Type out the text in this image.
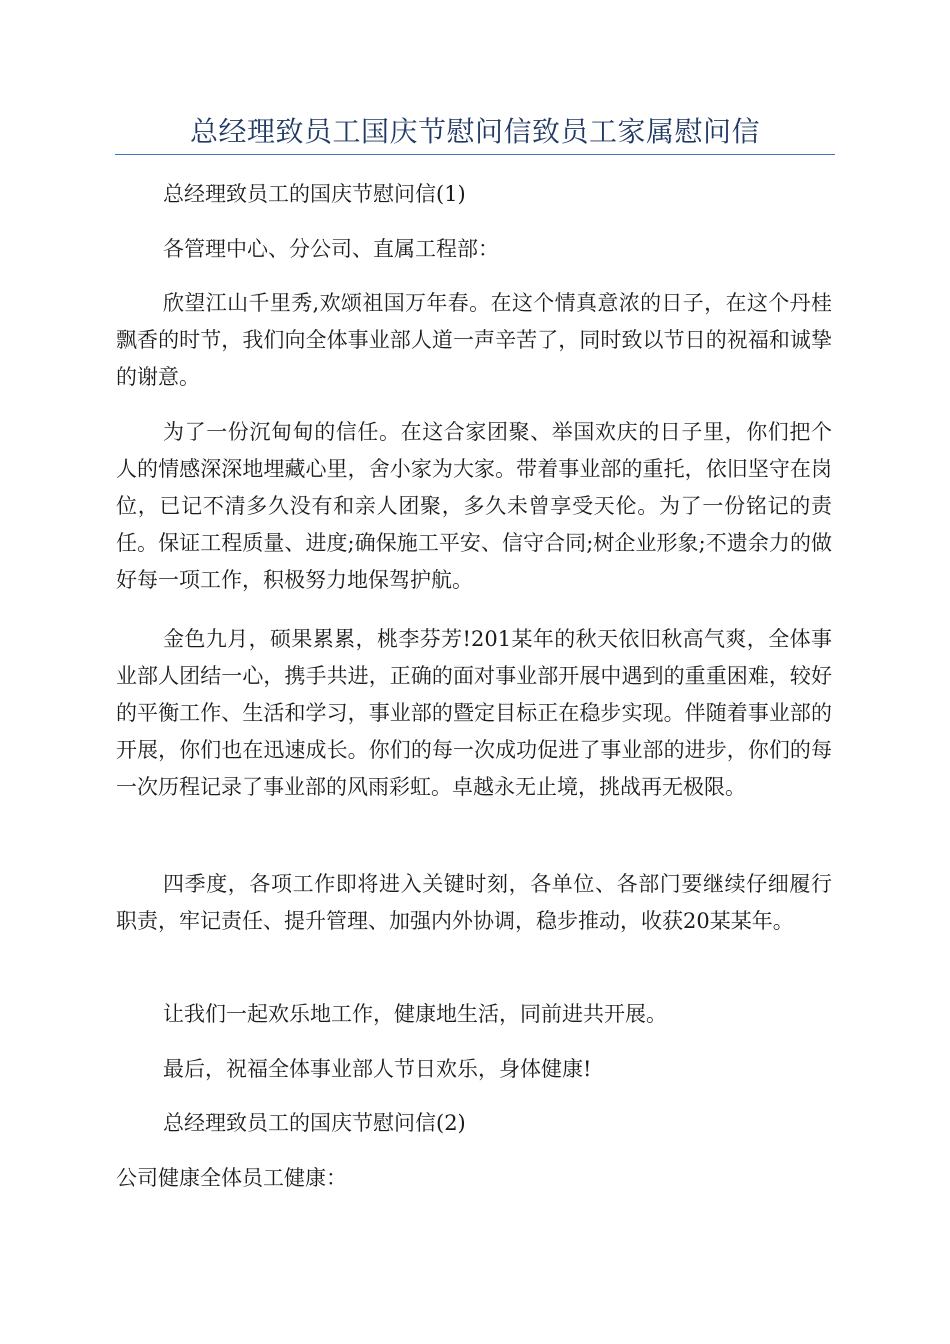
总经理致员工国庆节慰问信致员工家属慰问信

总经理致员工的国庆节慰问信(1)

各管理中心、分公司、直属工程部：

欣望江山千里秀,欢颂祖国万年春。在这个情真意浓的日子，在这个丹桂飘香的时节，我们向全体事业部人道一声辛苦了，同时致以节日的祝福和诚挚的谢意。

为了一份沉甸甸的信任。在这合家团聚、举国欢庆的日子里，你们把个人的情感深深地埋藏心里，舍小家为大家。带着事业部的重托，依旧坚守在岗位，已记不清多久没有和亲人团聚，多久未曾享受天伦。为了一份铭记的责任。保证工程质量、进度;确保施工平安、信守合同;树企业形象;不遗余力的做好每一项工作，积极努力地保驾护航。

金色九月，硕果累累，桃李芬芳!201某年的秋天依旧秋高气爽，全体事业部人团结一心，携手共进，正确的面对事业部开展中遇到的重重困难，较好的平衡工作、生活和学习，事业部的暨定目标正在稳步实现。伴随着事业部的开展，你们也在迅速成长。你们的每一次成功促进了事业部的进步，你们的每一次历程记录了事业部的风雨彩虹。卓越永无止境，挑战再无极限。

四季度，各项工作即将进入关键时刻，各单位、各部门要继续仔细履行职责，牢记责任、提升管理、加强内外协调，稳步推动，收获20某某年。

让我们一起欢乐地工作，健康地生活，同前进共开展。

最后，祝福全体事业部人节日欢乐，身体健康!

总经理致员工的国庆节慰问信(2)

公司健康全体员工健康：
